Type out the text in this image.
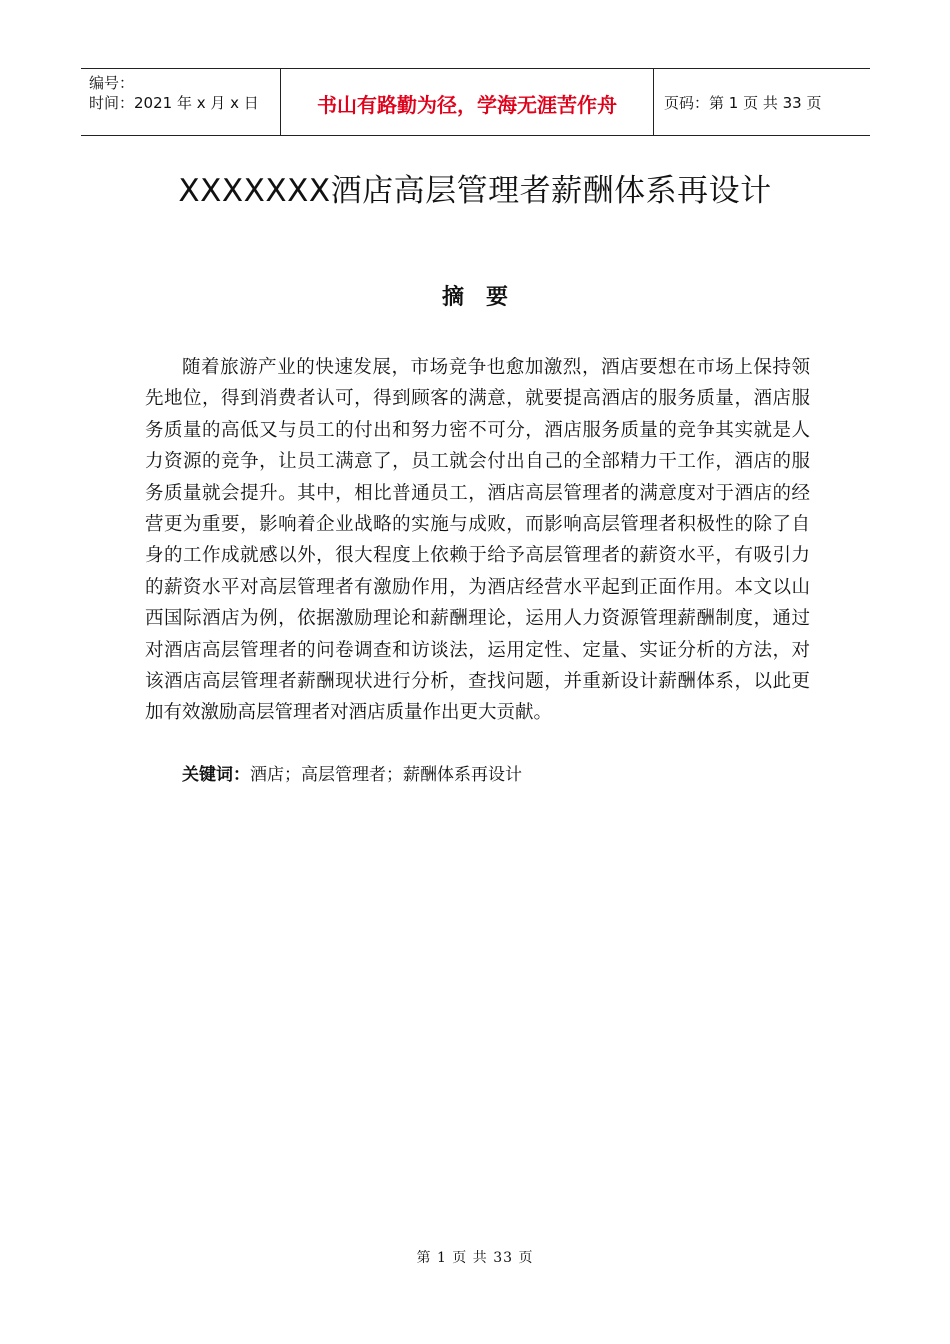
编号：
时间：2021 年 x 月 x 日	书山有路勤为径，学海无涯苦作舟	页码：第 1 页 共 33 页
XXXXXXX酒店高层管理者薪酬体系再设计
摘要
随着旅游产业的快速发展，市场竞争也愈加激烈，酒店要想在市场上保持领先地位，得到消费者认可，得到顾客的满意，就要提高酒店的服务质量，酒店服务质量的高低又与员工的付出和努力密不可分，酒店服务质量的竞争其实就是人力资源的竞争，让员工满意了，员工就会付出自己的全部精力干工作，酒店的服务质量就会提升。其中，相比普通员工，酒店高层管理者的满意度对于酒店的经营更为重要，影响着企业战略的实施与成败，而影响高层管理者积极性的除了自身的工作成就感以外，很大程度上依赖于给予高层管理者的薪资水平，有吸引力的薪资水平对高层管理者有激励作用，为酒店经营水平起到正面作用。本文以山西国际酒店为例，依据激励理论和薪酬理论，运用人力资源管理薪酬制度，通过对酒店高层管理者的问卷调查和访谈法，运用定性、定量、实证分析的方法，对该酒店高层管理者薪酬现状进行分析，查找问题，并重新设计薪酬体系，以此更加有效激励高层管理者对酒店质量作出更大贡献。
关键词：酒店；高层管理者；薪酬体系再设计
第 1 页 共 33 页
